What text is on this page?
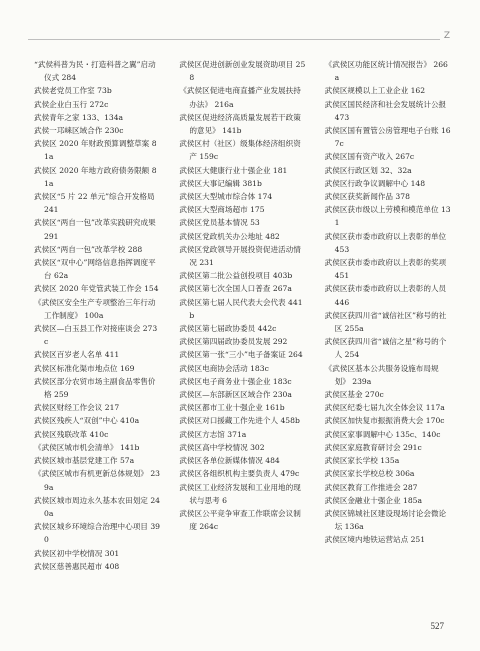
Z
“武侯科普为民・打造科普之翼”启动仪式 284
武侯老党员工作室 73b
武侯企业白玉行 272c
武侯青年之家 133、134a
武侯一邛崃区域合作 230c
武侯区 2020 年财政预算调整草案 81a
武侯区 2020 年地方政府债务限额 81a
武侯区“5 片 22 单元”综合开发格局 241
武侯区“两自一包”改革实践研究成果 291
武侯区“两自一包”改革学校 288
武侯区“双中心”网络信息指挥调度平台 62a
武侯区 2020 年党管武装工作会 154
《武侯区安全生产专项整治三年行动工作制度》 100a
武侯区—白玉县工作对接座谈会 273c
武侯区百岁老人名单 411
武侯区标准化渠市地点位 169
武侯区部分农贸市场主副食品零售价格 259
武侯区财经工作会议 217
武侯区残疾人“双创”中心 410a
武侯区残联改革 410c
《武侯区城市机会清单》 141b
武侯区城市基层党建工作 57a
《武侯区城市有机更新总体规划》 239a
武侯区城市周边永久基本农田划定 240a
武侯区城乡环境综合治理中心项目 390
武侯区初中学校情况 301
武侯区慈善惠民超市 408
武侯区促进创新创业发展资助项目 258
《武侯区促进电商直播产业发展扶持办法》 216a
武侯区促进经济高质量发展若干政策的意见》 141b
武侯区村（社区）级集体经济组织资产 159c
武侯区大健康行业十强企业 181
武侯区大事记编辑 381b
武侯区大型城市综合体 174
武侯区大型商场超市 175
武侯区党员基本情况 53
武侯区党政机关办公地址 482
武侯区党政领导开展投资促进活动情况 231
武侯区第二批公益创投项目 403b
武侯区第七次全国人口普查 267a
武侯区第七届人民代表大会代表 441b
武侯区第七届政协委员 442c
武侯区第四届政协委员发展 292
武侯区第一张“三小”电子备案证 264
武侯区电商协会活动 183c
武侯区电子商务业十强企业 183c
武侯区—东部新区区域合作 230a
武侯区都市工业十强企业 161b
武侯区对口援藏工作先进个人 458b
武侯区方志馆 371a
武侯区高中学校情况 302
武侯区各单位新媒体情况 484
武侯区各组织机构主要负责人 479c
武侯区工业经济发展和工业用地的现状与思考 6
武侯区公平竞争审查工作联席会议制度 264c
《武侯区功能区统计情况报告》 266a
武侯区规模以上工业企业 162
武侯区国民经济和社会发展统计公报 473
武侯区国有置管公房管理电子台账 167c
武侯区国有资产收入 267c
武侯区行政区划 32、32a
武侯区行政争议调解中心 148
武侯区获奖新闻作品 378
武侯区获市级以上劳模和模范单位 131
武侯区获市委市政府以上表彰的单位 453
武侯区获市委市政府以上表彰的奖项 451
武侯区获市委市政府以上表彰的人员 446
武侯区获四川省“诚信社区”称号的社区 255a
武侯区获四川省“诚信之星”称号的个人 254
《武侯区基本公共服务设施布局规划》 239a
武侯区基金 270c
武侯区纪委七届九次全体会议 117a
武侯区加快复市振振消费大会 170c
武侯区家事调解中心 135c、140c
武侯区家庭教育研讨会 291c
武侯区家长学校 135a
武侯区家长学校总校 306a
武侯区教育工作推进会 287
武侯区金融业十强企业 185a
武侯区锦城社区建设现场讨论会微论坛 136a
武侯区境内地铁运营站点 251
527
